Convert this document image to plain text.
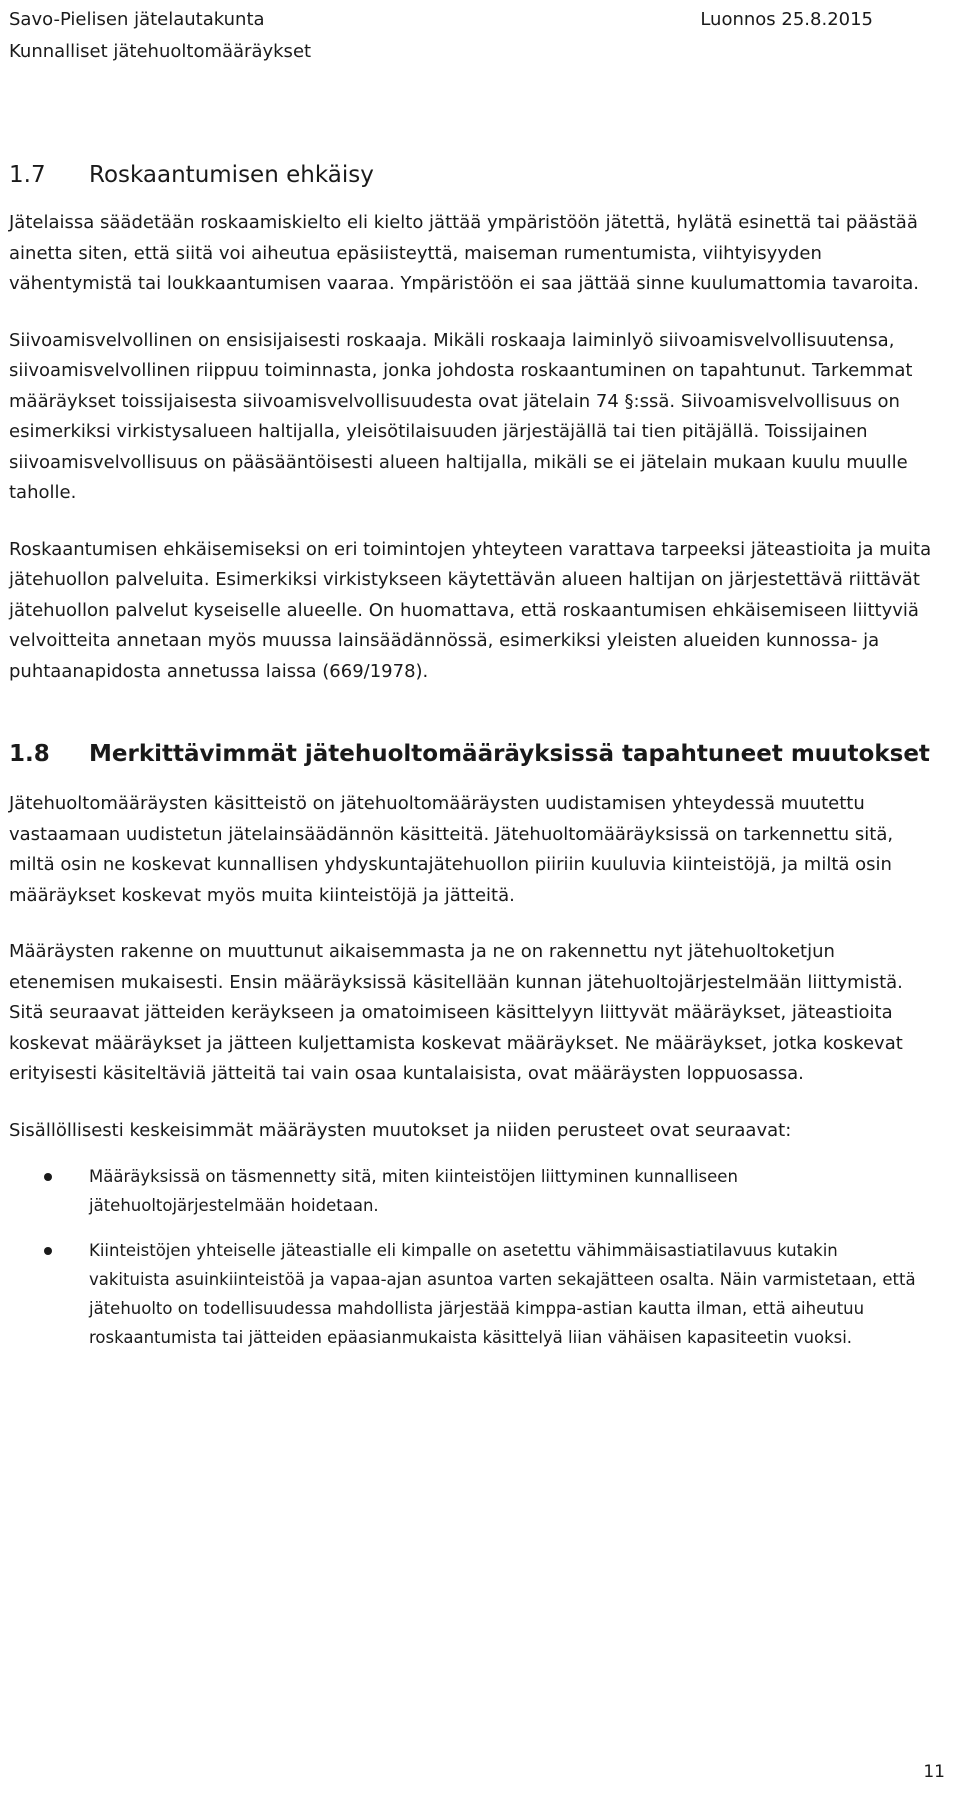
Savo-Pielisen jätelautakunta	Luonnos 25.8.2015
Kunnalliset jätehuoltomääräykset
1.7	Roskaantumisen ehkäisy

Jätelaissa säädetään roskaamiskielto eli kielto jättää ympäristöön jätettä, hylätä esinettä tai päästää ainetta siten, että siitä voi aiheutua epäsiisteyttä, maiseman rumentumista, viihtyisyyden vähentymistä tai loukkaantumisen vaaraa. Ympäristöön ei saa jättää sinne kuulumattomia tavaroita.

Siivoamisvelvollinen on ensisijaisesti roskaaja. Mikäli roskaaja laiminlyö siivoamisvelvollisuutensa, siivoamisvelvollinen riippuu toiminnasta, jonka johdosta roskaantuminen on tapahtunut. Tarkemmat määräykset toissijaisesta siivoamisvelvollisuudesta ovat jätelain 74 §:ssä. Siivoamisvelvollisuus on esimerkiksi virkistysalueen haltijalla, yleisötilaisuuden järjestäjällä tai tien pitäjällä. Toissijainen siivoamisvelvollisuus on pääsääntöisesti alueen haltijalla, mikäli se ei jätelain mukaan kuulu muulle taholle.

Roskaantumisen ehkäisemiseksi on eri toimintojen yhteyteen varattava tarpeeksi jäteastioita ja muita jätehuollon palveluita. Esimerkiksi virkistykseen käytettävän alueen haltijan on järjestettävä riittävät jätehuollon palvelut kyseiselle alueelle. On huomattava, että roskaantumisen ehkäisemiseen liittyviä velvoitteita annetaan myös muussa lainsäädännössä, esimerkiksi yleisten alueiden kunnossa- ja puhtaanapidosta annetussa laissa (669/1978).

1.8	Merkittävimmät jätehuoltomääräyksissä tapahtuneet muutokset

Jätehuoltomääräysten käsitteistö on jätehuoltomääräysten uudistamisen yhteydessä muutettu vastaamaan uudistetun jätelainsäädännön käsitteitä. Jätehuoltomääräyksissä on tarkennettu sitä, miltä osin ne koskevat kunnallisen yhdyskuntajätehuollon piiriin kuuluvia kiinteistöjä, ja miltä osin määräykset koskevat myös muita kiinteistöjä ja jätteitä.

Määräysten rakenne on muuttunut aikaisemmasta ja ne on rakennettu nyt jätehuoltoketjun etenemisen mukaisesti. Ensin määräyksissä käsitellään kunnan jätehuoltojärjestelmään liittymistä. Sitä seuraavat jätteiden keräykseen ja omatoimiseen käsittelyyn liittyvät määräykset, jäteastioita koskevat määräykset ja jätteen kuljettamista koskevat määräykset. Ne määräykset, jotka koskevat erityisesti käsiteltäviä jätteitä tai vain osaa kuntalaisista, ovat määräysten loppuosassa.

Sisällöllisesti keskeisimmät määräysten muutokset ja niiden perusteet ovat seuraavat:

Määräyksissä on täsmennetty sitä, miten kiinteistöjen liittyminen kunnalliseen jätehuoltojärjestelmään hoidetaan.
Kiinteistöjen yhteiselle jäteastialle eli kimpalle on asetettu vähimmäisastiatilavuus kutakin vakituista asuinkiinteistöä ja vapaa-ajan asuntoa varten sekajätteen osalta. Näin varmistetaan, että jätehuolto on todellisuudessa mahdollista järjestää kimppa-astian kautta ilman, että aiheutuu roskaantumista tai jätteiden epäasianmukaista käsittelyä liian vähäisen kapasiteetin vuoksi.
11
